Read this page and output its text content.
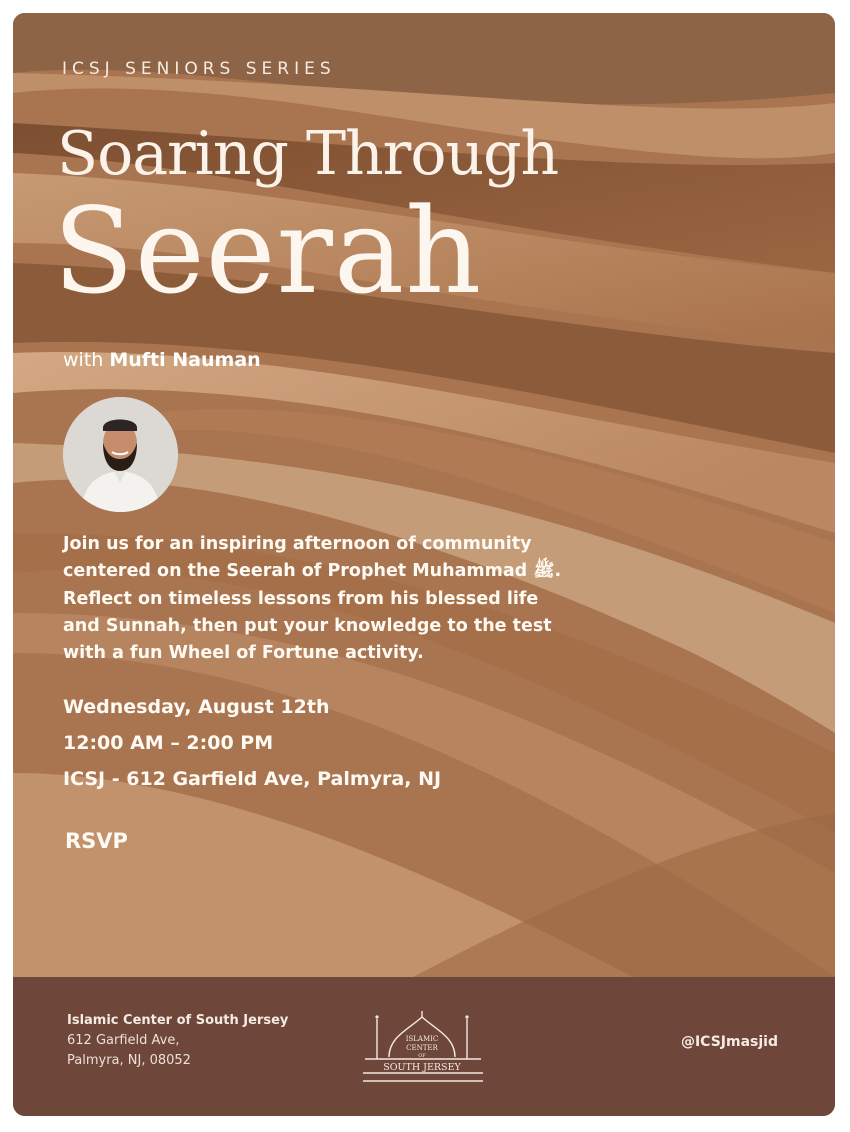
ICSJ SENIORS SERIES
Soaring Through
Seerah
with Mufti Nauman
Join us for an inspiring afternoon of community centered on the Seerah of Prophet Muhammad ﷺ. Reflect on timeless lessons from his blessed life and Sunnah, then put your knowledge to the test with a fun Wheel of Fortune activity.
Wednesday, August 12th
12:00 AM – 2:00 PM
ICSJ - 612 Garfield Ave, Palmyra, NJ
RSVP
Islamic Center of South Jersey
612 Garfield Ave,
Palmyra, NJ, 08052
ISLAMIC
CENTER
OF
SOUTH JERSEY
@ICSJmasjid
